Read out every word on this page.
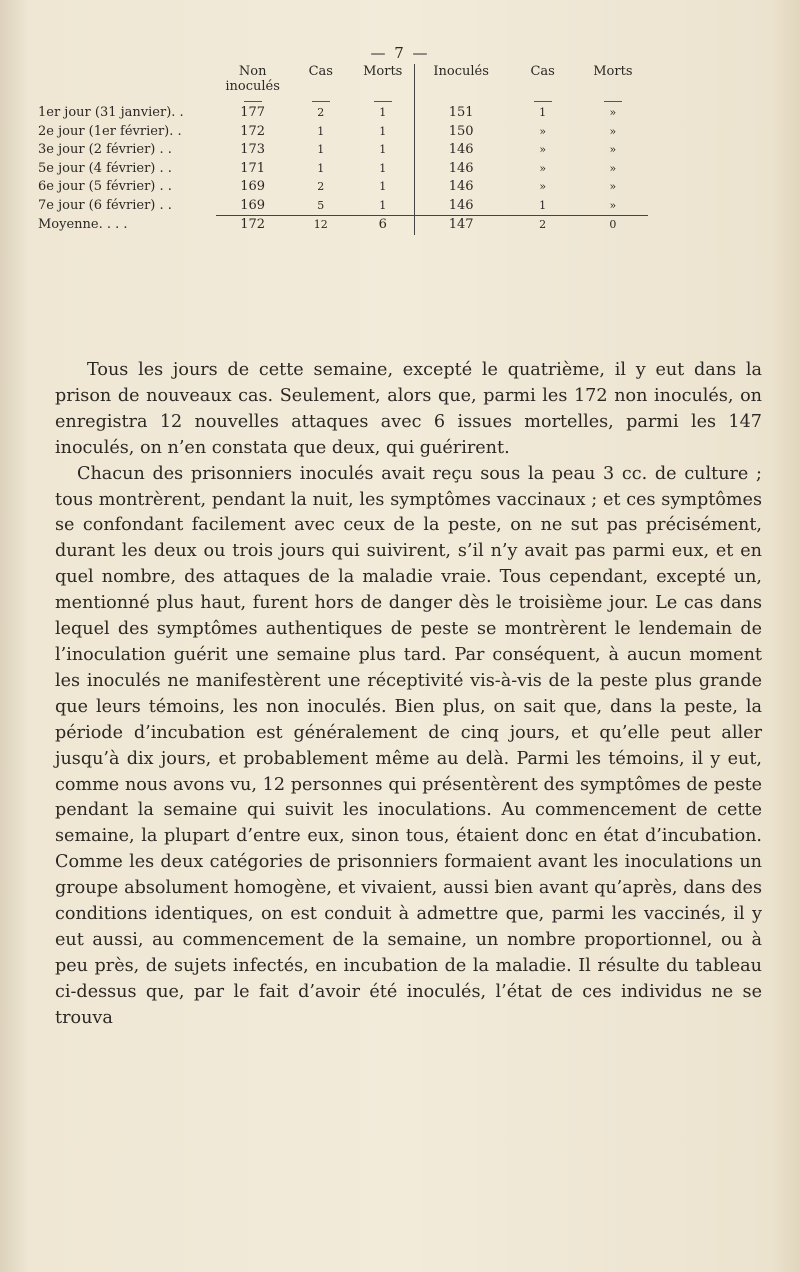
— 7 —
	Non inoculés	Cas	Morts	Inoculés	Cas	Morts
1er jour (31 janvier). .	177	2	1	151	1	»
2e jour (1er février). .	172	1	1	150	»	»
3e jour (2 février) . .	173	1	1	146	»	»
5e jour (4 février) . .	171	1	1	146	»	»
6e jour (5 février) . .	169	2	1	146	»	»
7e jour (6 février) . .	169	5	1	146	1	»
Moyenne. . . .	172	12	6	147	2	0

Tous les jours de cette semaine, excepté le quatrième, il y eut dans la prison de nouveaux cas. Seulement, alors que, parmi les 172 non inoculés, on enregistra 12 nouvelles attaques avec 6 issues mortelles, parmi les 147 inoculés, on n’en constata que deux, qui guérirent.

Chacun des prisonniers inoculés avait reçu sous la peau 3 cc. de culture ; tous montrèrent, pendant la nuit, les symptômes vaccinaux ; et ces symptômes se confondant facilement avec ceux de la peste, on ne sut pas précisément, durant les deux ou trois jours qui suivirent, s’il n’y avait pas parmi eux, et en quel nombre, des attaques de la maladie vraie. Tous cependant, excepté un, mentionné plus haut, furent hors de danger dès le troisième jour. Le cas dans lequel des symptômes authentiques de peste se montrèrent le lendemain de l’inoculation guérit une semaine plus tard. Par conséquent, à aucun moment les inoculés ne manifestèrent une réceptivité vis-à-vis de la peste plus grande que leurs témoins, les non inoculés. Bien plus, on sait que, dans la peste, la période d’incubation est généralement de cinq jours, et qu’elle peut aller jusqu’à dix jours, et probablement même au delà. Parmi les témoins, il y eut, comme nous avons vu, 12 personnes qui présentèrent des symptômes de peste pendant la semaine qui suivit les inoculations. Au commencement de cette semaine, la plupart d’entre eux, sinon tous, étaient donc en état d’incubation. Comme les deux catégories de prisonniers formaient avant les inoculations un groupe absolument homogène, et vivaient, aussi bien avant qu’après, dans des conditions identiques, on est conduit à admettre que, parmi les vaccinés, il y eut aussi, au commencement de la semaine, un nombre proportionnel, ou à peu près, de sujets infectés, en incubation de la maladie. Il résulte du tableau ci-dessus que, par le fait d’avoir été inoculés, l’état de ces individus ne se trouva
